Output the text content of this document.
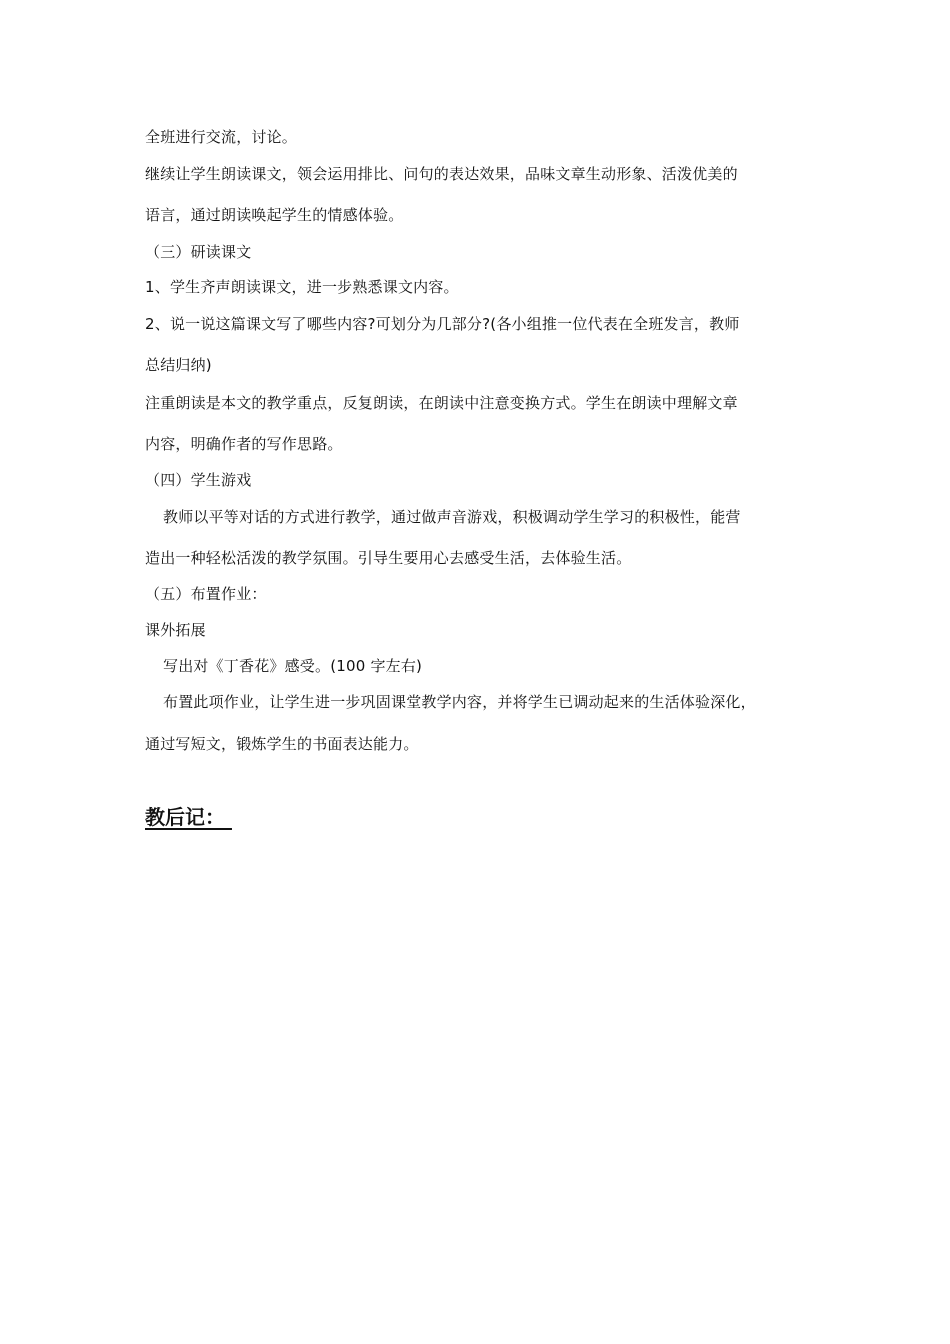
全班进行交流，讨论。
继续让学生朗读课文，领会运用排比、问句的表达效果，品味文章生动形象、活泼优美的
语言，通过朗读唤起学生的情感体验。
（三）研读课文
1、学生齐声朗读课文，进一步熟悉课文内容。
2、说一说这篇课文写了哪些内容?可划分为几部分?(各小组推一位代表在全班发言，教师
总结归纳)
注重朗读是本文的教学重点，反复朗读，在朗读中注意变换方式。学生在朗读中理解文章
内容，明确作者的写作思路。
（四）学生游戏
教师以平等对话的方式进行教学，通过做声音游戏，积极调动学生学习的积极性，能营
造出一种轻松活泼的教学氛围。引导生要用心去感受生活，去体验生活。
（五）布置作业：
课外拓展
写出对《丁香花》感受。(100 字左右)
布置此项作业，让学生进一步巩固课堂教学内容，并将学生已调动起来的生活体验深化，
通过写短文，锻炼学生的书面表达能力。
教后记：
